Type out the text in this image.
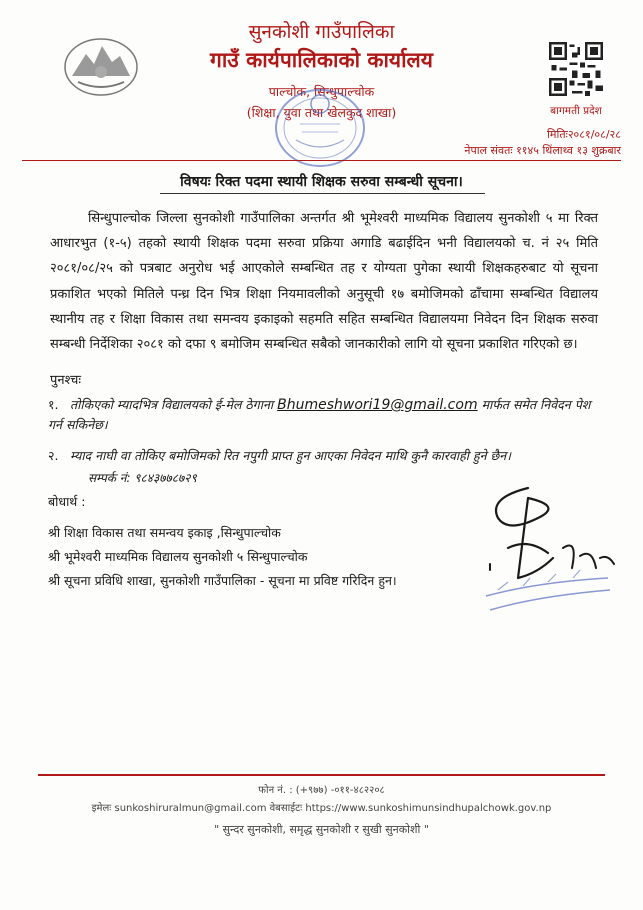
सुनकोशी गाउँपालिका
गाउँ कार्यपालिकाको कार्यालय
पाल्चोक, सिन्धुपाल्चोक
(शिक्षा, युवा तथा खेलकुद शाखा)	बागमती प्रदेश
मितिः२०८१/०८/२८
नेपाल संवतः ११४५ थिंलाथ्व १३ शुक्रबार
विषयः रिक्त पदमा स्थायी शिक्षक सरुवा सम्बन्धी सूचना।
सिन्धुपाल्चोक जिल्ला सुनकोशी गाउँपालिका अन्तर्गत श्री भूमेश्वरी माध्यमिक विद्यालय सुनकोशी ५ मा रिक्त आधारभुत (१-५) तहको स्थायी शिक्षक पदमा सरुवा प्रक्रिया अगाडि बढाईदिन भनी विद्यालयको च. नं २५ मिति २०८१/०८/२५ को पत्रबाट अनुरोध भई आएकोले सम्बन्धित तह र योग्यता पुगेका स्थायी शिक्षकहरुबाट यो सूचना प्रकाशित भएको मितिले पन्ध्र दिन भित्र शिक्षा नियमावलीको अनुसूची १७ बमोजिमको ढाँचामा सम्बन्धित विद्यालय स्थानीय तह र शिक्षा विकास तथा समन्वय इकाइको सहमति सहित सम्बन्धित विद्यालयमा निवेदन दिन शिक्षक सरुवा सम्बन्धी निर्देशिका २०८१ को दफा ९ बमोजिम सम्बन्धित सबैको जानकारीको लागि यो सूचना प्रकाशित गरिएको छ।
पुनश्चः
१. तोकिएको म्यादभित्र विद्यालयको ई-मेल ठेगाना Bhumeshwori19@gmail.com मार्फत समेत निवेदन पेश गर्न सकिनेछ।
२. म्याद नाघी वा तोकिए बमोजिमको रित नपुगी प्राप्त हुन आएका निवेदन माथि कुनै कारवाही हुने छैन।
सम्पर्क नं: ९८४३७७८७२९
बोधार्थ :
श्री शिक्षा विकास तथा समन्वय इकाइ ,सिन्धुपाल्चोक
श्री भूमेश्वरी माध्यमिक विद्यालय सुनकोशी ५ सिन्धुपाल्चोक
श्री सूचना प्रविधि शाखा, सुनकोशी गाउँपालिका - सूचना मा प्रविष्ट गरिदिन हुन।
फोन नं. : (+९७७) -०११-४८२२०८
इमेलः sunkoshiruralmun@gmail.com वेबसाईटः https://www.sunkoshimunsindhupalchowk.gov.np
" सुन्दर सुनकोशी, समृद्ध सुनकोशी र सुखी सुनकोशी "
